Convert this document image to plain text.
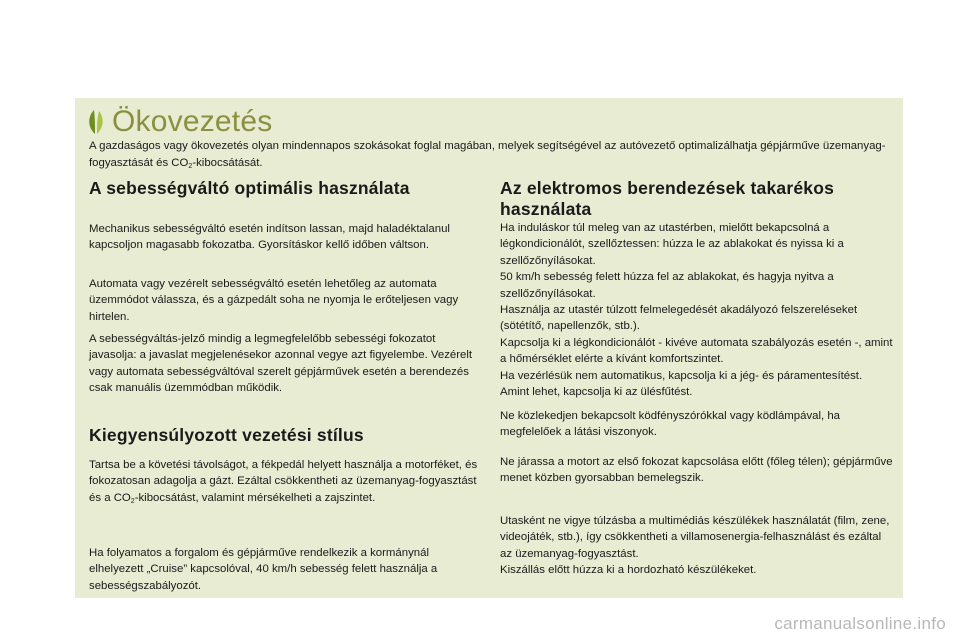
Ökovezetés

A gazdaságos vagy ökovezetés olyan mindennapos szokásokat foglal magában, melyek segítségével az autóvezető optimalizálhatja gépjárműve üzemanyag-fogyasztását és $CO_2$-kibocsátását.

A sebességváltó optimális használata

Mechanikus sebességváltó esetén indítson lassan, majd haladéktalanul kapcsoljon magasabb fokozatba. Gyorsításkor kellő időben váltson.

Automata vagy vezérelt sebességváltó esetén lehetőleg az automata üzemmódot válassza, és a gázpedált soha ne nyomja le erőteljesen vagy hirtelen.

A sebességváltás-jelző mindig a legmegfelelőbb sebességi fokozatot javasolja: a javaslat megjelenésekor azonnal vegye azt figyelembe. Vezérelt vagy automata sebességváltóval szerelt gépjárművek esetén a berendezés csak manuális üzemmódban működik.

Kiegyensúlyozott vezetési stílus

Tartsa be a követési távolságot, a fékpedál helyett használja a motorféket, és fokozatosan adagolja a gázt. Ezáltal csökkentheti az üzemanyag-fogyasztást és a $CO_2$-kibocsátást, valamint mérsékelheti a zajszintet.

Ha folyamatos a forgalom és gépjárműve rendelkezik a kormánynál elhelyezett „Cruise” kapcsolóval, 40 km/h sebesség felett használja a sebességszabályozót.

Az elektromos berendezések takarékos használata

Ha induláskor túl meleg van az utastérben, mielőtt bekapcsolná a légkondicionálót, szellőztessen: húzza le az ablakokat és nyissa ki a szellőzőnyílásokat.

50 km/h sebesség felett húzza fel az ablakokat, és hagyja nyitva a szellőzőnyílásokat.

Használja az utastér túlzott felmelegedését akadályozó felszereléseket (sötétítő, napellenzők, stb.).

Kapcsolja ki a légkondicionálót - kivéve automata szabályozás esetén -, amint a hőmérséklet elérte a kívánt komfortszintet.

Ha vezérlésük nem automatikus, kapcsolja ki a jég- és páramentesítést.

Amint lehet, kapcsolja ki az ülésfűtést.

Ne közlekedjen bekapcsolt ködfényszórókkal vagy ködlámpával, ha megfelelőek a látási viszonyok.

Ne járassa a motort az első fokozat kapcsolása előtt (főleg télen); gépjárműve menet közben gyorsabban bemelegszik.

Utasként ne vigye túlzásba a multimédiás készülékek használatát (film, zene, videojáték, stb.), így csökkentheti a villamosenergia-felhasználást és ezáltal az üzemanyag-fogyasztást.

Kiszállás előtt húzza ki a hordozható készülékeket.

carmanualsonline.info
